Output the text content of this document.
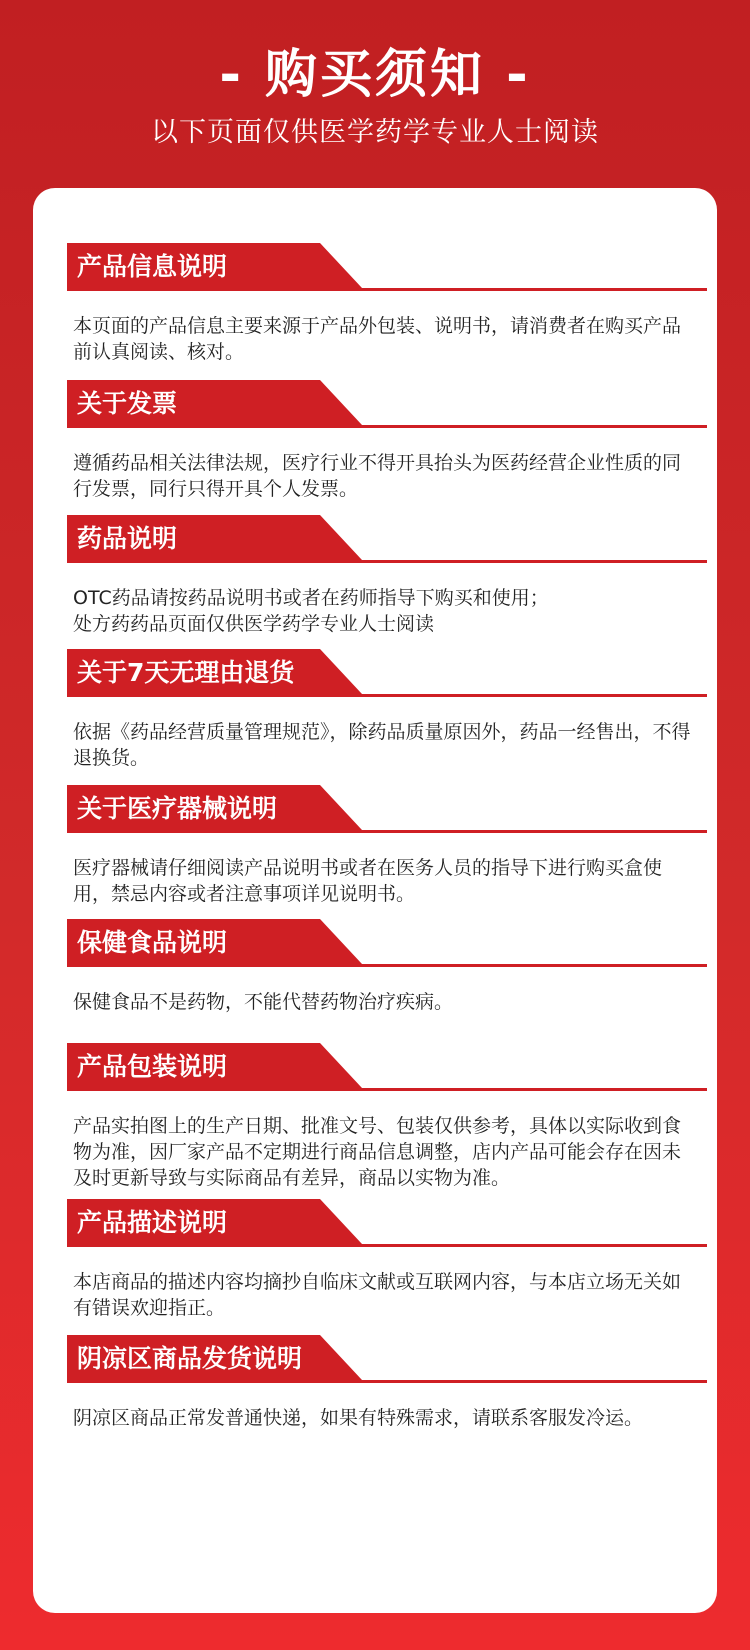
- 购买须知 -
以下页面仅供医学药学专业人士阅读
产品信息说明
本页面的产品信息主要来源于产品外包装、说明书，请消费者在购买产品前认真阅读、核对。
关于发票
遵循药品相关法律法规，医疗行业不得开具抬头为医药经营企业性质的同行发票，同行只得开具个人发票。
药品说明
OTC药品请按药品说明书或者在药师指导下购买和使用；
处方药药品页面仅供医学药学专业人士阅读
关于7天无理由退货
依据《药品经营质量管理规范》，除药品质量原因外，药品一经售出，不得退换货。
关于医疗器械说明
医疗器械请仔细阅读产品说明书或者在医务人员的指导下进行购买盒使用，禁忌内容或者注意事项详见说明书。
保健食品说明
保健食品不是药物，不能代替药物治疗疾病。
产品包装说明
产品实拍图上的生产日期、批准文号、包装仅供参考，具体以实际收到食物为准，因厂家产品不定期进行商品信息调整，店内产品可能会存在因未及时更新导致与实际商品有差异，商品以实物为准。
产品描述说明
本店商品的描述内容均摘抄自临床文献或互联网内容，与本店立场无关如有错误欢迎指正。
阴凉区商品发货说明
阴凉区商品正常发普通快递，如果有特殊需求，请联系客服发冷运。
